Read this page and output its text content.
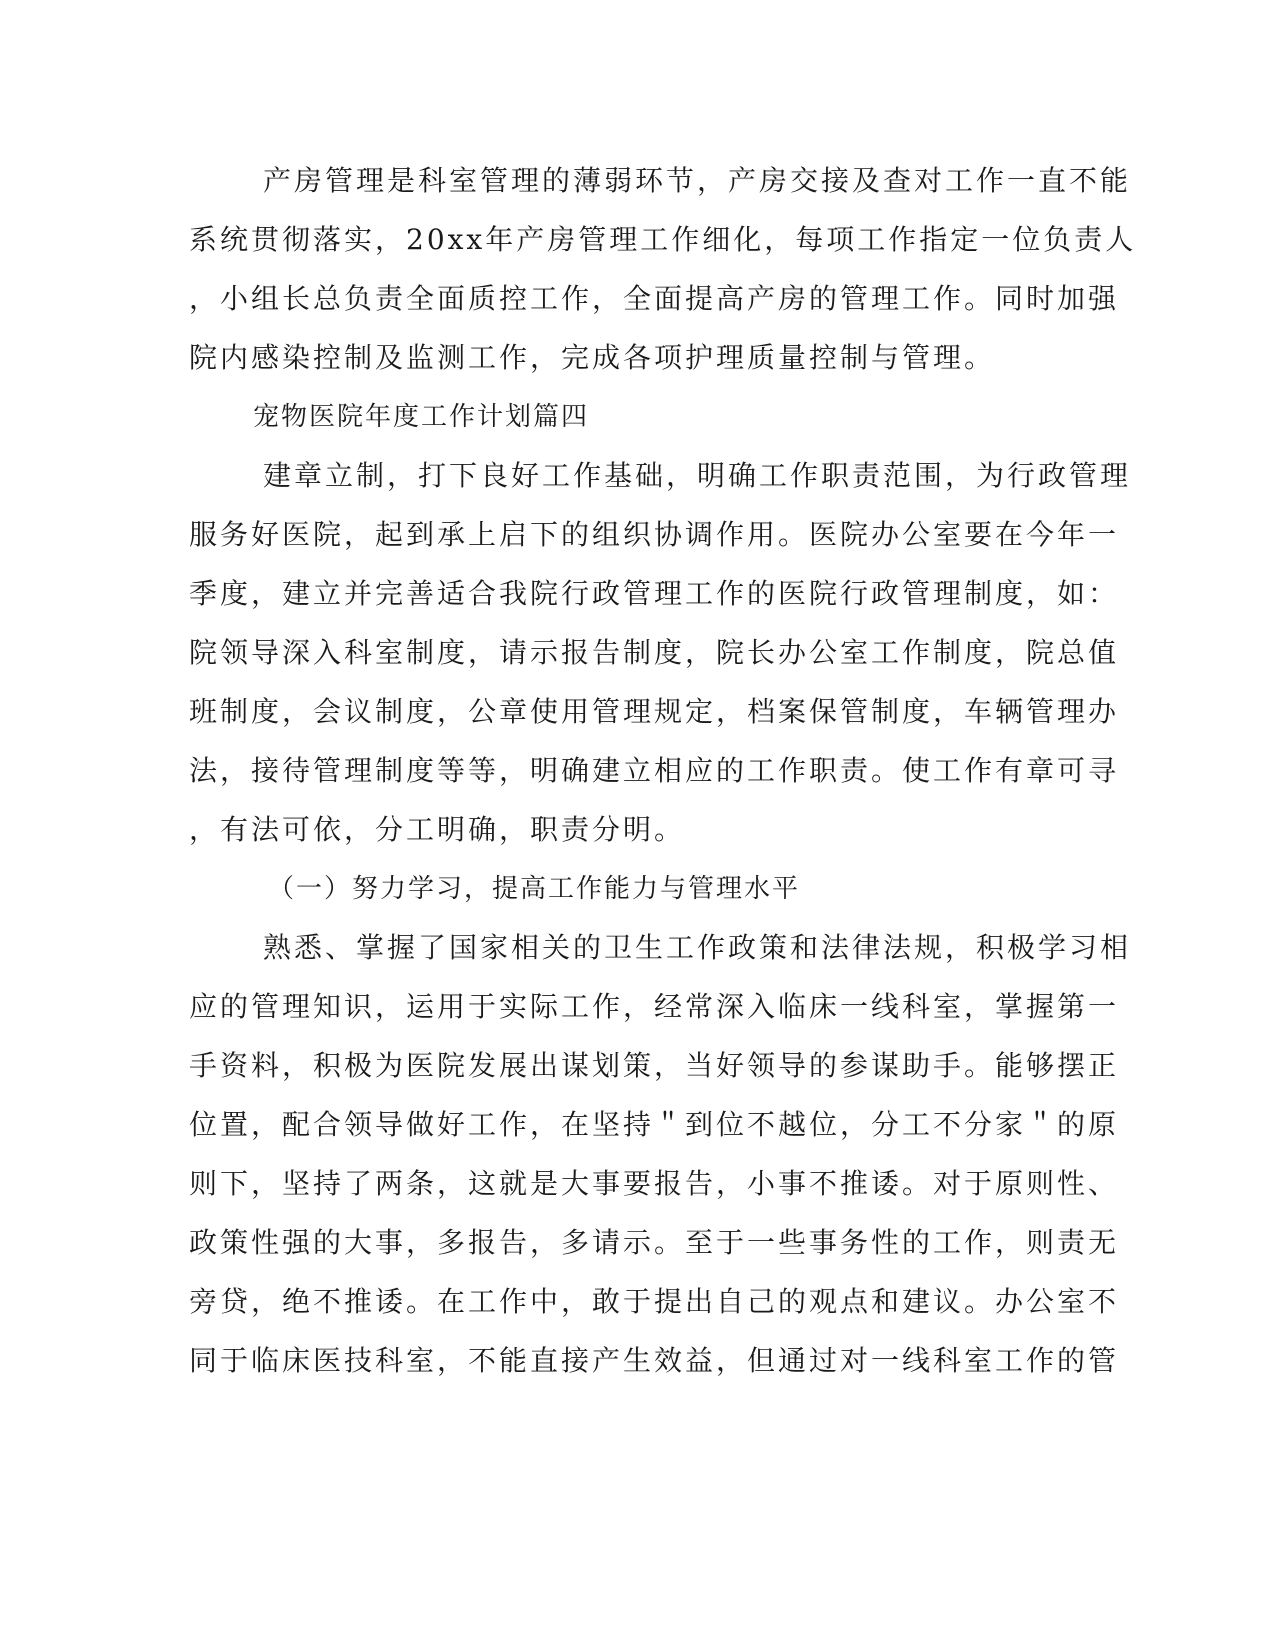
产房管理是科室管理的薄弱环节，产房交接及查对工作一直不能
系统贯彻落实，20xx年产房管理工作细化，每项工作指定一位负责人
，小组长总负责全面质控工作，全面提高产房的管理工作。同时加强
院内感染控制及监测工作，完成各项护理质量控制与管理。
宠物医院年度工作计划篇四
建章立制，打下良好工作基础，明确工作职责范围，为行政管理
服务好医院，起到承上启下的组织协调作用。医院办公室要在今年一
季度，建立并完善适合我院行政管理工作的医院行政管理制度，如：
院领导深入科室制度，请示报告制度，院长办公室工作制度，院总值
班制度，会议制度，公章使用管理规定，档案保管制度，车辆管理办
法，接待管理制度等等，明确建立相应的工作职责。使工作有章可寻
，有法可依，分工明确，职责分明。
（一）努力学习，提高工作能力与管理水平
熟悉、掌握了国家相关的卫生工作政策和法律法规，积极学习相
应的管理知识，运用于实际工作，经常深入临床一线科室，掌握第一
手资料，积极为医院发展出谋划策，当好领导的参谋助手。能够摆正
位置，配合领导做好工作，在坚持＂到位不越位，分工不分家＂的原
则下，坚持了两条，这就是大事要报告，小事不推诿。对于原则性、
政策性强的大事，多报告，多请示。至于一些事务性的工作，则责无
旁贷，绝不推诿。在工作中，敢于提出自己的观点和建议。办公室不
同于临床医技科室，不能直接产生效益，但通过对一线科室工作的管
